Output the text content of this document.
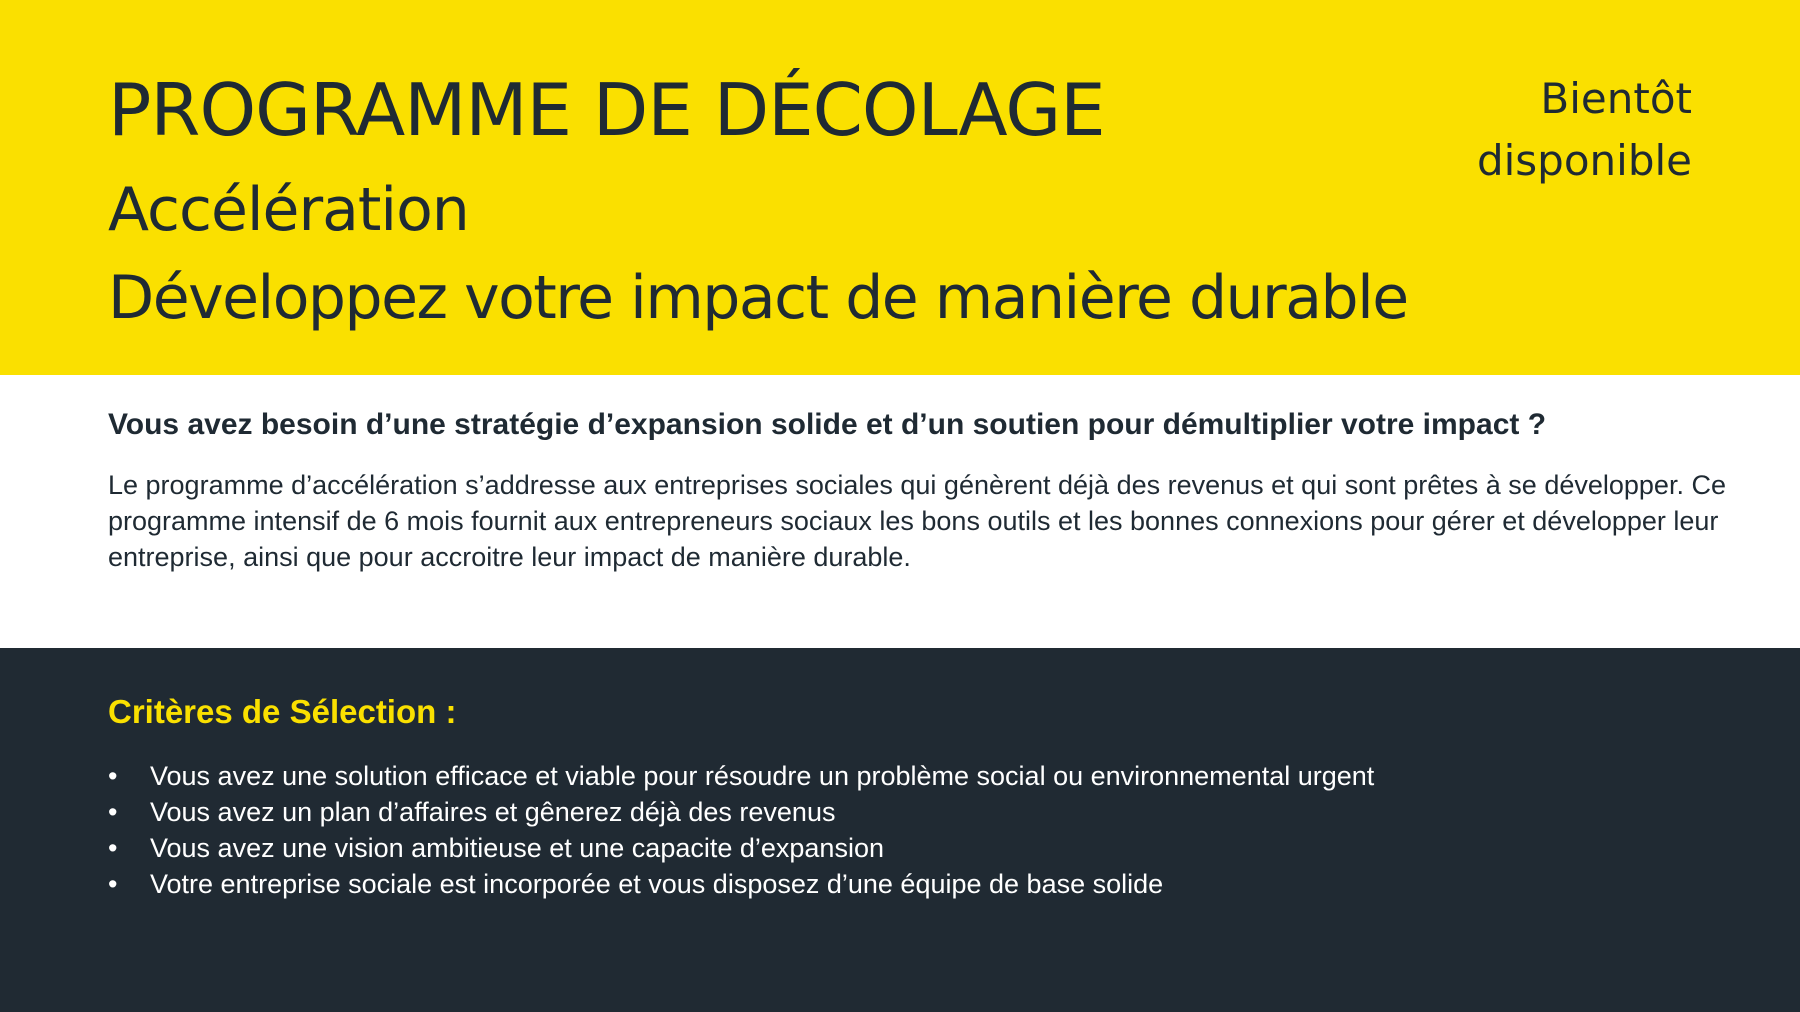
PROGRAMME DE DÉCOLAGE
Accélération
Développez votre impact de manière durable
Bientôt
disponible

Vous avez besoin d’une stratégie d’expansion solide et d’un soutien pour démultiplier votre impact ?

Le programme d’accélération s’addresse aux entreprises sociales qui génèrent déjà des revenus et qui sont prêtes à se développer. Ce programme intensif de 6 mois fournit aux entrepreneurs sociaux les bons outils et les bonnes connexions pour gérer et développer leur entreprise, ainsi que pour accroitre leur impact de manière durable.

Critères de Sélection :
• Vous avez une solution efficace et viable pour résoudre un problème social ou environnemental urgent
• Vous avez un plan d’affaires et gênerez déjà des revenus
• Vous avez une vision ambitieuse et une capacite d’expansion
• Votre entreprise sociale est incorporée et vous disposez d’une équipe de base solide
